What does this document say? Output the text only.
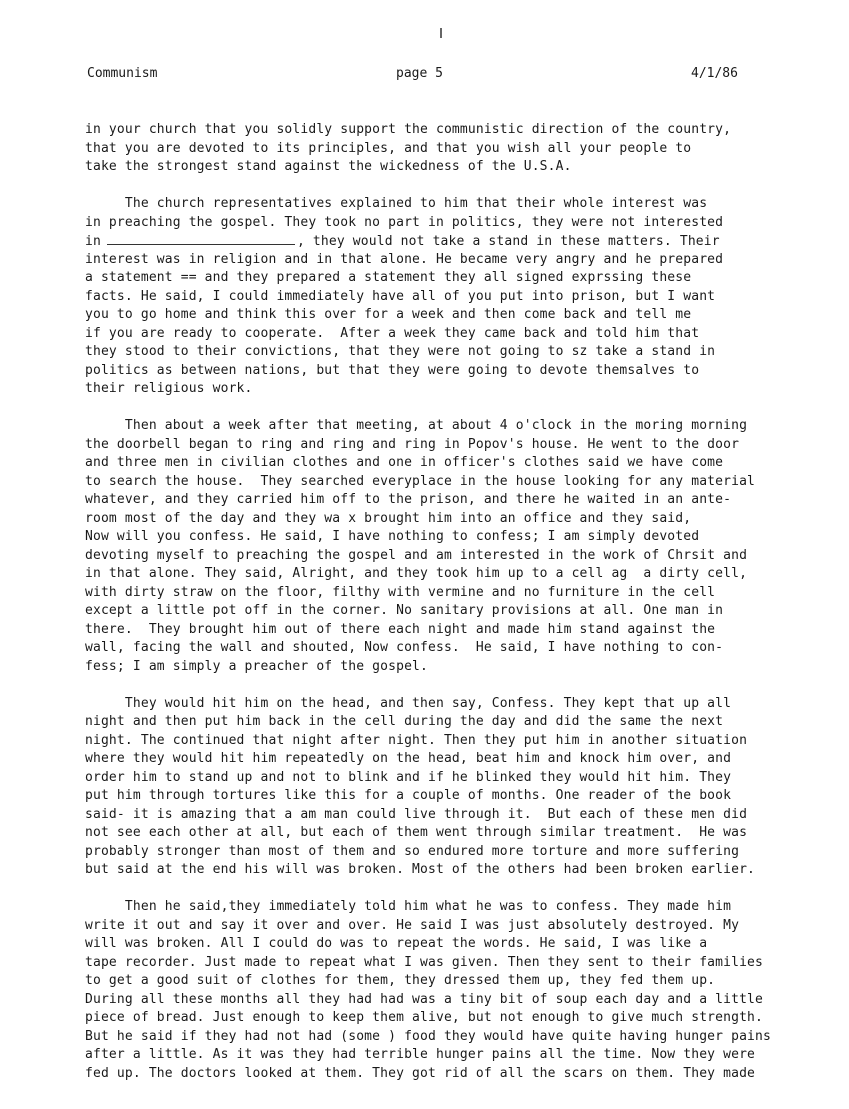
Communism	page 5	4/1/86
in your church that you solidly support the communistic direction of the country,
that you are devoted to its principles, and that you wish all your people to
take the strongest stand against the wickedness of the U.S.A.
The church representatives explained to him that their whole interest was
in preaching the gospel. They took no part in politics, they were not interested
in	, they would not take a stand in these matters. Their
interest was in religion and in that alone. He became very angry and he prepared
a statement == and they prepared a statement they all signed exprssing these
facts. He said, I could immediately have all of you put into prison, but I want
you to go home and think this over for a week and then come back and tell me
if you are ready to cooperate.  After a week they came back and told him that
they stood to their convictions, that they were not going to sz take a stand in
politics as between nations, but that they were going to devote themsalves to
their religious work.
Then about a week after that meeting, at about 4 o'clock in the moring morning
the doorbell began to ring and ring and ring in Popov's house. He went to the door
and three men in civilian clothes and one in officer's clothes said we have come
to search the house.  They searched everyplace in the house looking for any material
whatever, and they carried him off to the prison, and there he waited in an ante-
room most of the day and they wa x brought him into an office and they said,
Now will you confess. He said, I have nothing to confess; I am simply devoted
devoting myself to preaching the gospel and am interested in the work of Chrsit and
in that alone. They said, Alright, and they took him up to a cell ag  a dirty cell,
with dirty straw on the floor, filthy with vermine and no furniture in the cell
except a little pot off in the corner. No sanitary provisions at all. One man in
there.  They brought him out of there each night and made him stand against the
wall, facing the wall and shouted, Now confess.  He said, I have nothing to con-
fess; I am simply a preacher of the gospel.
They would hit him on the head, and then say, Confess. They kept that up all
night and then put him back in the cell during the day and did the same the next
night. The continued that night after night. Then they put him in another situation
where they would hit him repeatedly on the head, beat him and knock him over, and
order him to stand up and not to blink and if he blinked they would hit him. They
put him through tortures like this for a couple of months. One reader of the book
said- it is amazing that a am man could live through it.  But each of these men did
not see each other at all, but each of them went through similar treatment.  He was
probably stronger than most of them and so endured more torture and more suffering
but said at the end his will was broken. Most of the others had been broken earlier.
Then he said,they immediately told him what he was to confess. They made him
write it out and say it over and over. He said I was just absolutely destroyed. My
will was broken. All I could do was to repeat the words. He said, I was like a
tape recorder. Just made to repeat what I was given. Then they sent to their families
to get a good suit of clothes for them, they dressed them up, they fed them up.
During all these months all they had had was a tiny bit of soup each day and a little
piece of bread. Just enough to keep them alive, but not enough to give much strength.
But he said if they had not had (some ) food they would have quite having hunger pains
after a little. As it was they had terrible hunger pains all the time. Now they were
fed up. The doctors looked at them. They got rid of all the scars on them. They made
